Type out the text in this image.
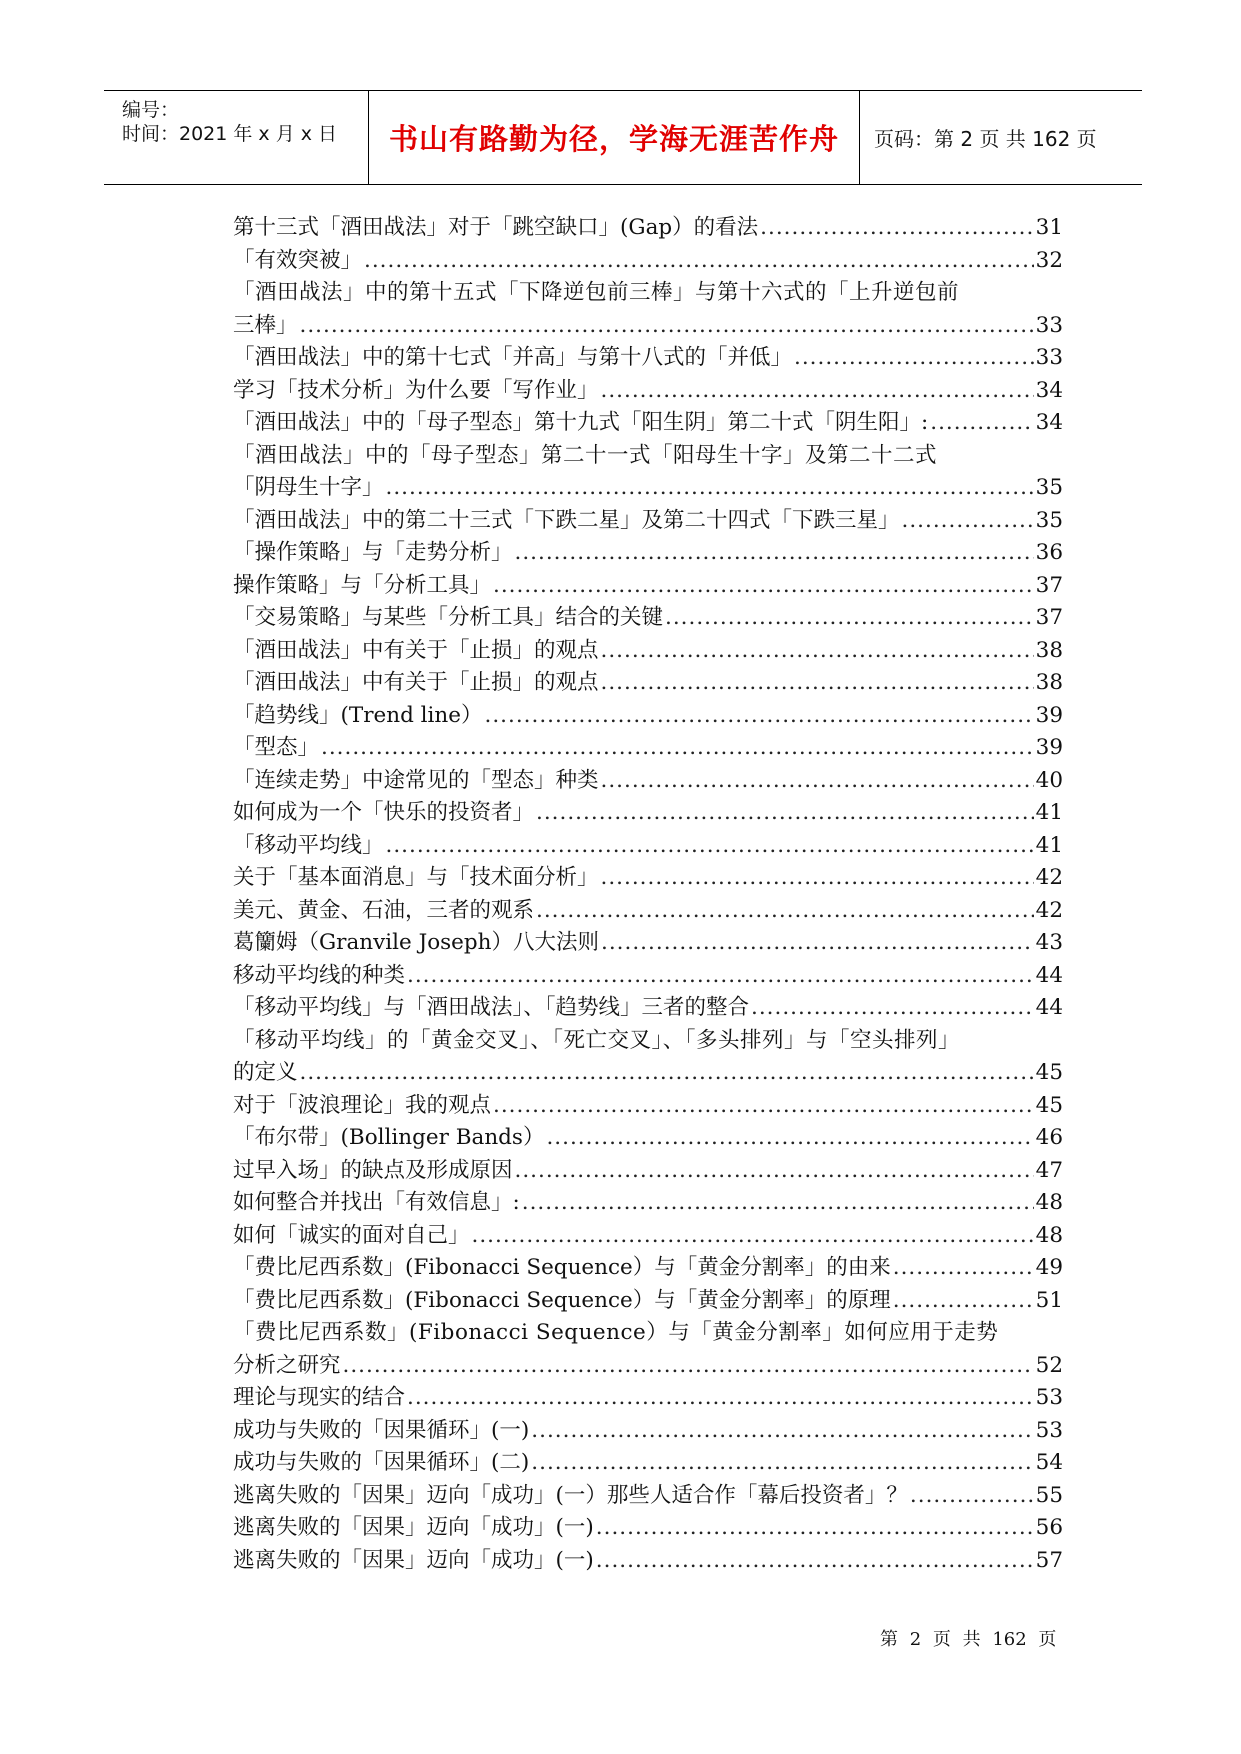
编号：
时间：2021 年 x 月 x 日	书山有路勤为径，学海无涯苦作舟	页码：第 2 页 共 162 页
第十三式「酒田战法」对于「跳空缺口」(Gap）的看法 .....	31
「有效突被」 .....	32
「酒田战法」中的第十五式「下降逆包前三棒」与第十六式的「上升逆包前
三棒」 .....	33
「酒田战法」中的第十七式「并高」与第十八式的「并低」 .....	33
学习「技术分析」为什么要「写作业」 .....	34
「酒田战法」中的「母子型态」第十九式「阳生阴」第二十式「阴生阳」: .....	34
「酒田战法」中的「母子型态」第二十一式「阳母生十字」及第二十二式
「阴母生十字」 .....	35
「酒田战法」中的第二十三式「下跌二星」及第二十四式「下跌三星」 .....	35
「操作策略」与「走势分析」 .....	36
操作策略」与「分析工具」 .....	37
「交易策略」与某些「分析工具」结合的关键 .....	37
「酒田战法」中有关于「止损」的观点 .....	38
「酒田战法」中有关于「止损」的观点 .....	38
「趋势线」(Trend line） .....	39
「型态」 .....	39
「连续走势」中途常见的「型态」种类 .....	40
如何成为一个「快乐的投资者」 .....	41
「移动平均线」 .....	41
关于「基本面消息」与「技术面分析」 .....	42
美元、黄金、石油，三者的观系 .....	42
葛籣姆（Granvile Joseph）八大法则 .....	43
移动平均线的种类 .....	44
「移动平均线」与「酒田战法」、「趋势线」三者的整合 .....	44
「移动平均线」的「黄金交叉」、「死亡交叉」、「多头排列」与「空头排列」
的定义 .....	45
对于「波浪理论」我的观点 .....	45
「布尔带」(Bollinger Bands） .....	46
过早入场」的缺点及形成原因 .....	47
如何整合并找出「有效信息」: .....	48
如何「诚实的面对自己」 .....	48
「费比尼西系数」(Fibonacci Sequence）与「黄金分割率」的由来 .....	49
「费比尼西系数」(Fibonacci Sequence）与「黄金分割率」的原理 .....	51
「费比尼西系数」(Fibonacci Sequence）与「黄金分割率」如何应用于走势
分析之研究 .....	52
理论与现实的结合 .....	53
成功与失败的「因果循环」(一) .....	53
成功与失败的「因果循环」(二) .....	54
逃离失败的「因果」迈向「成功」(一）那些人适合作「幕后投资者」？ .....	55
逃离失败的「因果」迈向「成功」(一) .....	56
逃离失败的「因果」迈向「成功」(一) .....	57
第 2 页 共 162 页
